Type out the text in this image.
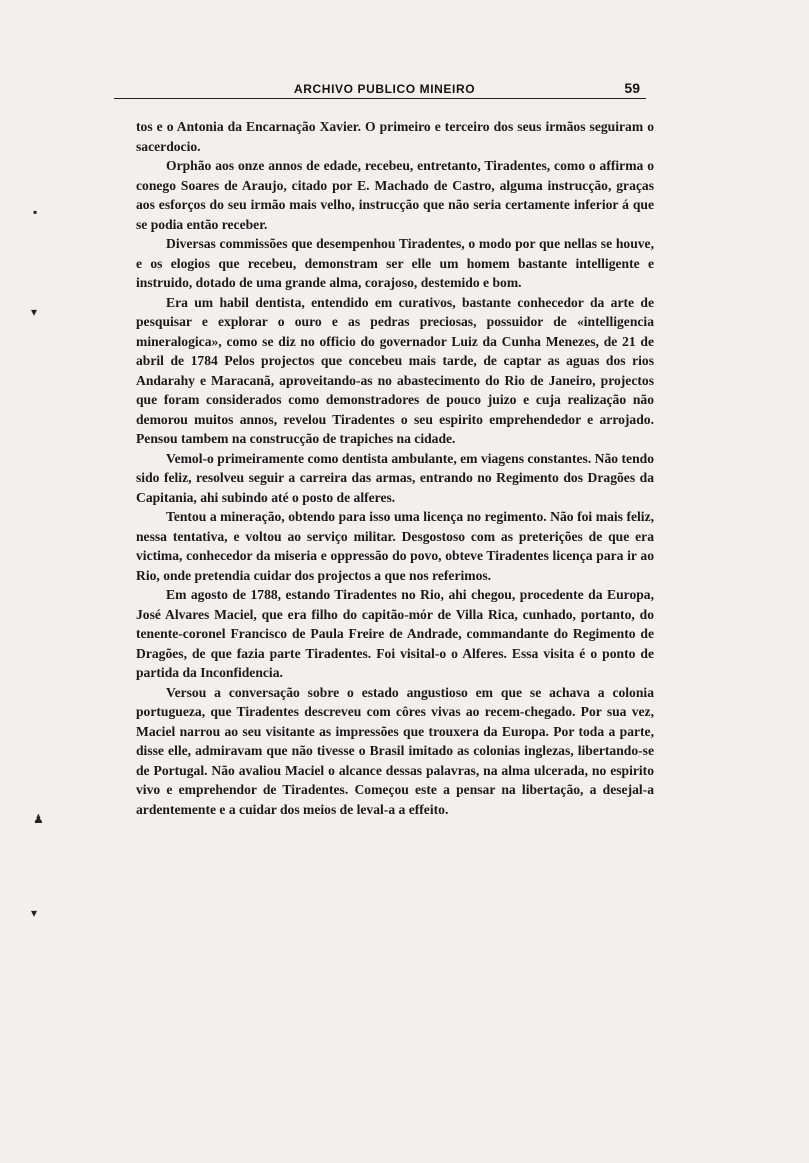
ARCHIVO PUBLICO MINEIRO	59
▪
▾
♟
▾

tos e o Antonia da Encarnação Xavier. O primeiro e terceiro dos seus irmãos seguiram o sacerdocio.

Orphão aos onze annos de edade, recebeu, entretanto, Tiradentes, como o affirma o conego Soares de Araujo, citado por E. Machado de Castro, alguma instrucção, graças aos esforços do seu irmão mais velho, instrucção que não seria certamente inferior á que se podia então receber.

Diversas commissões que desempenhou Tiradentes, o modo por que nellas se houve, e os elogios que recebeu, demonstram ser elle um homem bastante intelligente e instruido, dotado de uma grande alma, corajoso, destemido e bom.

Era um habil dentista, entendido em curativos, bastante conhecedor da arte de pesquisar e explorar o ouro e as pedras preciosas, possuidor de «intelligencia mineralogica», como se diz no officio do governador Luiz da Cunha Menezes, de 21 de abril de 1784 Pelos projectos que concebeu mais tarde, de captar as aguas dos rios Andarahy e Maracanã, aproveitando-as no abastecimento do Rio de Janeiro, projectos que foram considerados como demonstradores de pouco juizo e cuja realização não demorou muitos annos, revelou Tiradentes o seu espirito emprehendedor e arrojado. Pensou tambem na construcção de trapiches na cidade.

Vemol-o primeiramente como dentista ambulante, em viagens constantes. Não tendo sido feliz, resolveu seguir a carreira das armas, entrando no Regimento dos Dragões da Capitania, ahi subindo até o posto de alferes.

Tentou a mineração, obtendo para isso uma licença no regimento. Não foi mais feliz, nessa tentativa, e voltou ao serviço militar. Desgostoso com as preterições de que era victima, conhecedor da miseria e oppressão do povo, obteve Tiradentes licença para ir ao Rio, onde pretendia cuidar dos projectos a que nos referimos.

Em agosto de 1788, estando Tiradentes no Rio, ahi chegou, procedente da Europa, José Alvares Maciel, que era filho do capitão-mór de Villa Rica, cunhado, portanto, do tenente-coronel Francisco de Paula Freire de Andrade, commandante do Regimento de Dragões, de que fazia parte Tiradentes. Foi visital-o o Alferes. Essa visita é o ponto de partida da Inconfidencia.

Versou a conversação sobre o estado angustioso em que se achava a colonia portugueza, que Tiradentes descreveu com côres vivas ao recem-chegado. Por sua vez, Maciel narrou ao seu visitante as impressões que trouxera da Europa. Por toda a parte, disse elle, admiravam que não tivesse o Brasil imitado as colonias inglezas, libertando-se de Portugal. Não avaliou Maciel o alcance dessas palavras, na alma ulcerada, no espirito vivo e emprehendor de Tiradentes. Começou este a pensar na libertação, a desejal-a ardentemente e a cuidar dos meios de leval-a a effeito.
